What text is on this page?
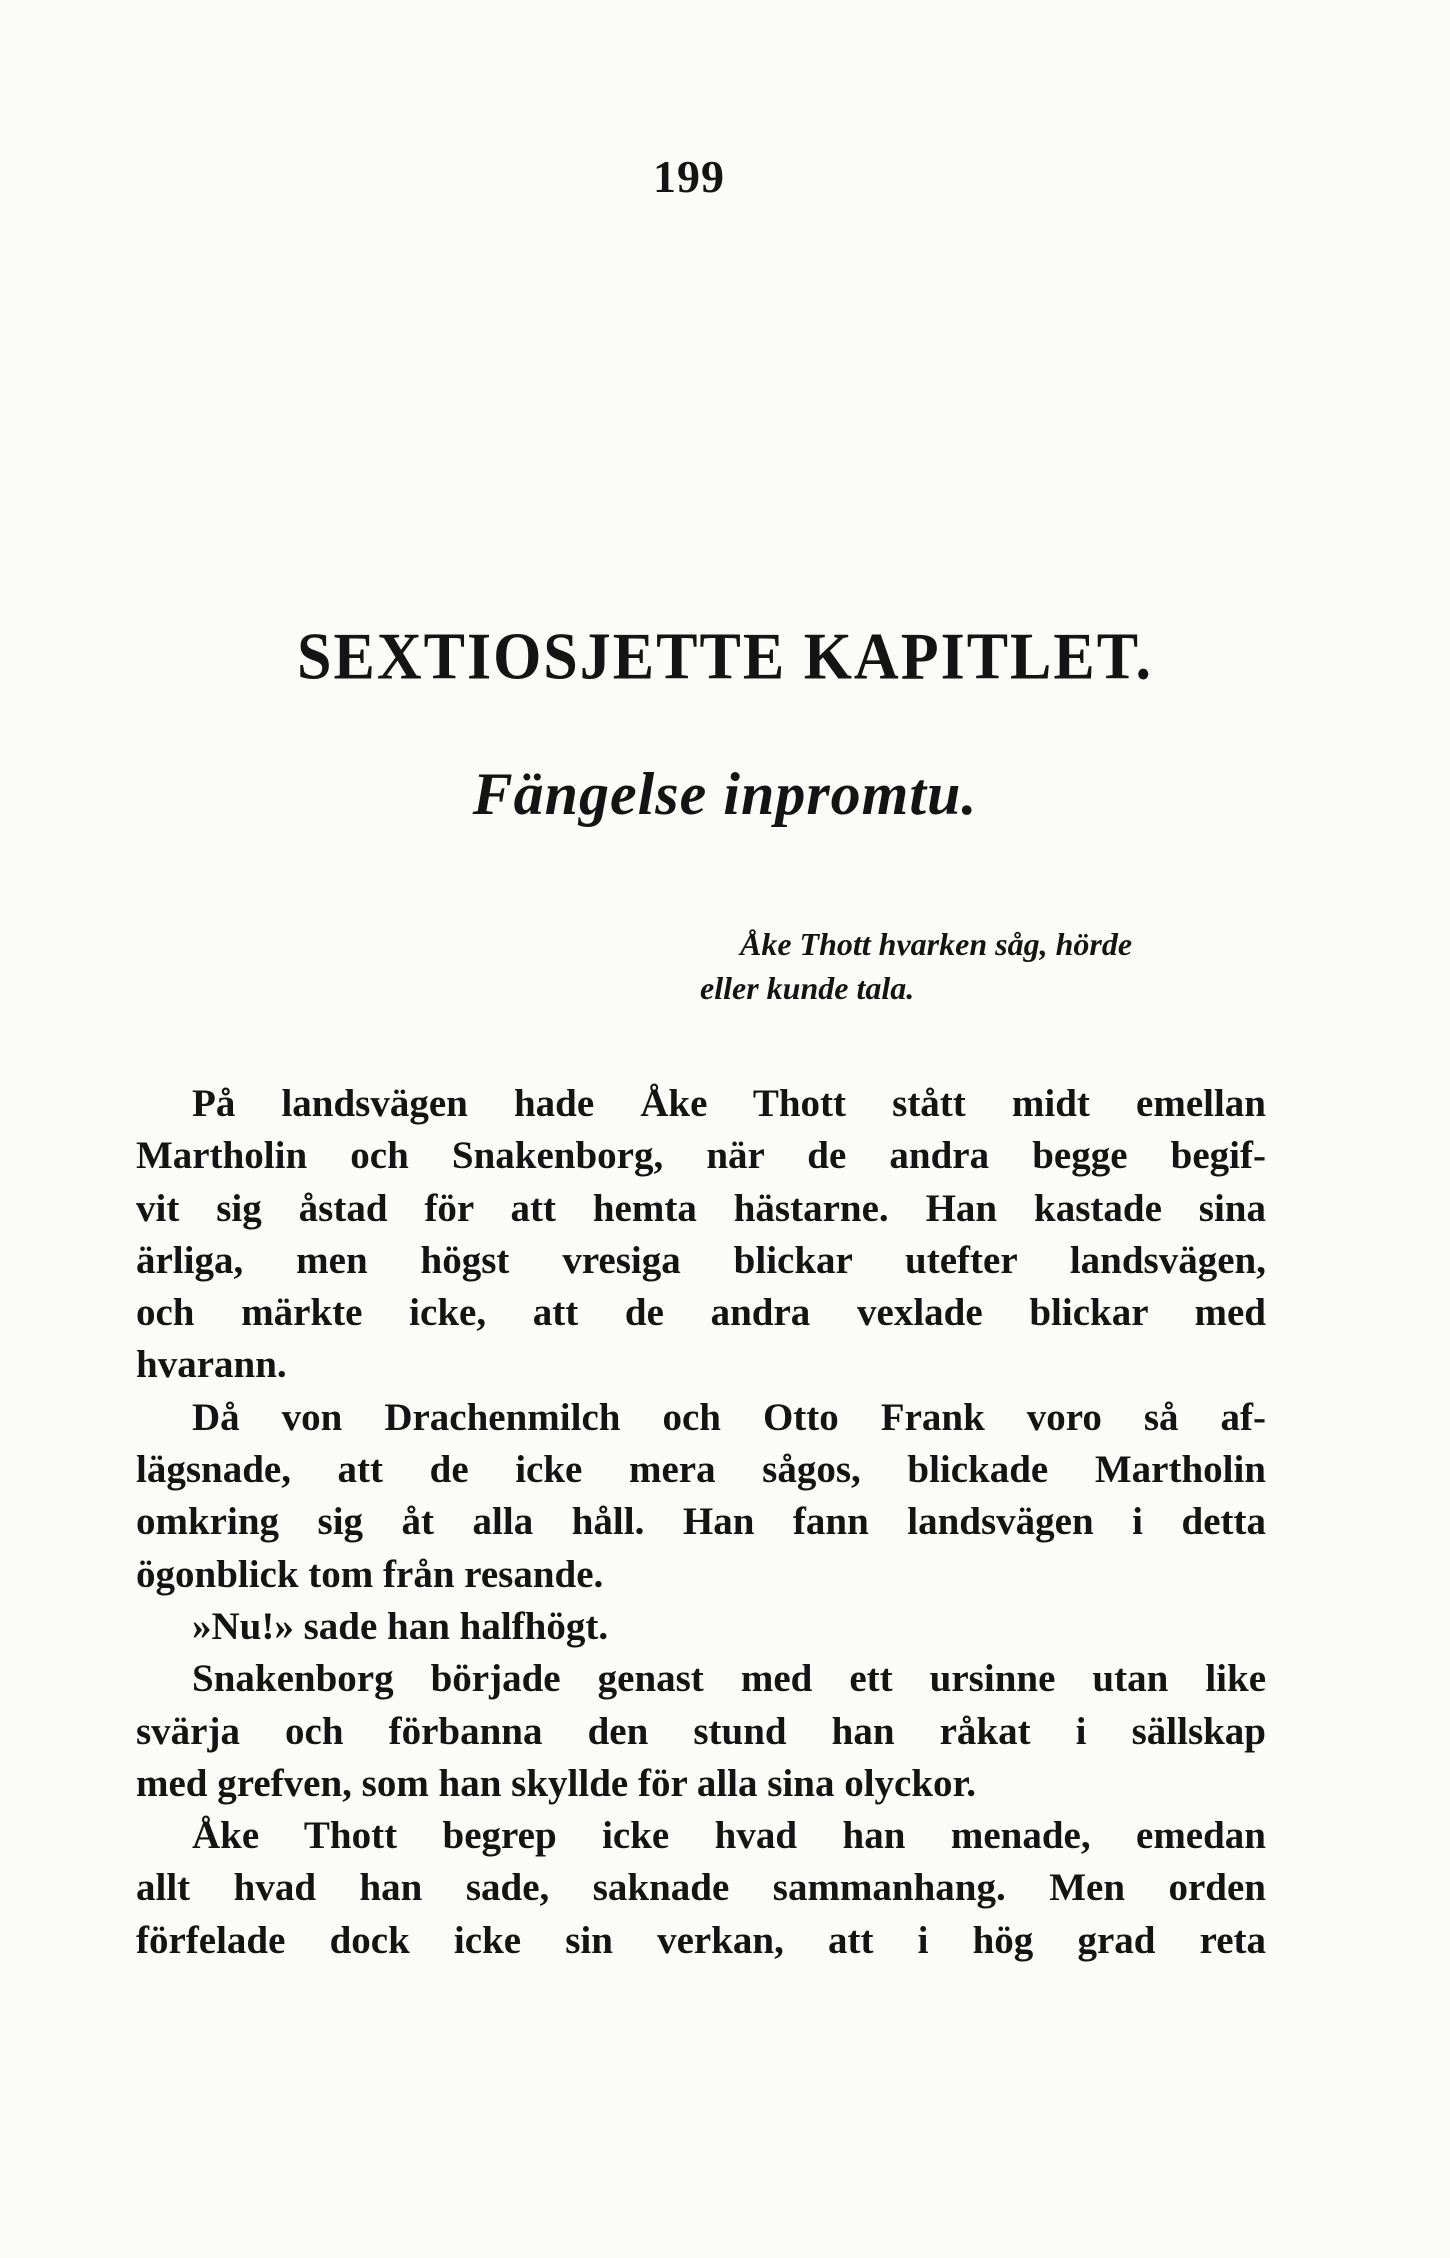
199
SEXTIOSJETTE KAPITLET.
Fängelse inpromtu.
Åke Thott hvarken såg, hörde
eller kunde tala.
På landsvägen hade Åke Thott stått midt emellan
Martholin och Snakenborg, när de andra begge begif-
vit sig åstad för att hemta hästarne. Han kastade sina
ärliga, men högst vresiga blickar utefter landsvägen,
och märkte icke, att de andra vexlade blickar med
hvarann.
Då von Drachenmilch och Otto Frank voro så af-
lägsnade, att de icke mera sågos, blickade Martholin
omkring sig åt alla håll. Han fann landsvägen i detta
ögonblick tom från resande.
»Nu!» sade han halfhögt.
Snakenborg började genast med ett ursinne utan like
svärja och förbanna den stund han råkat i sällskap
med grefven, som han skyllde för alla sina olyckor.
Åke Thott begrep icke hvad han menade, emedan
allt hvad han sade, saknade sammanhang. Men orden
förfelade dock icke sin verkan, att i hög grad reta
